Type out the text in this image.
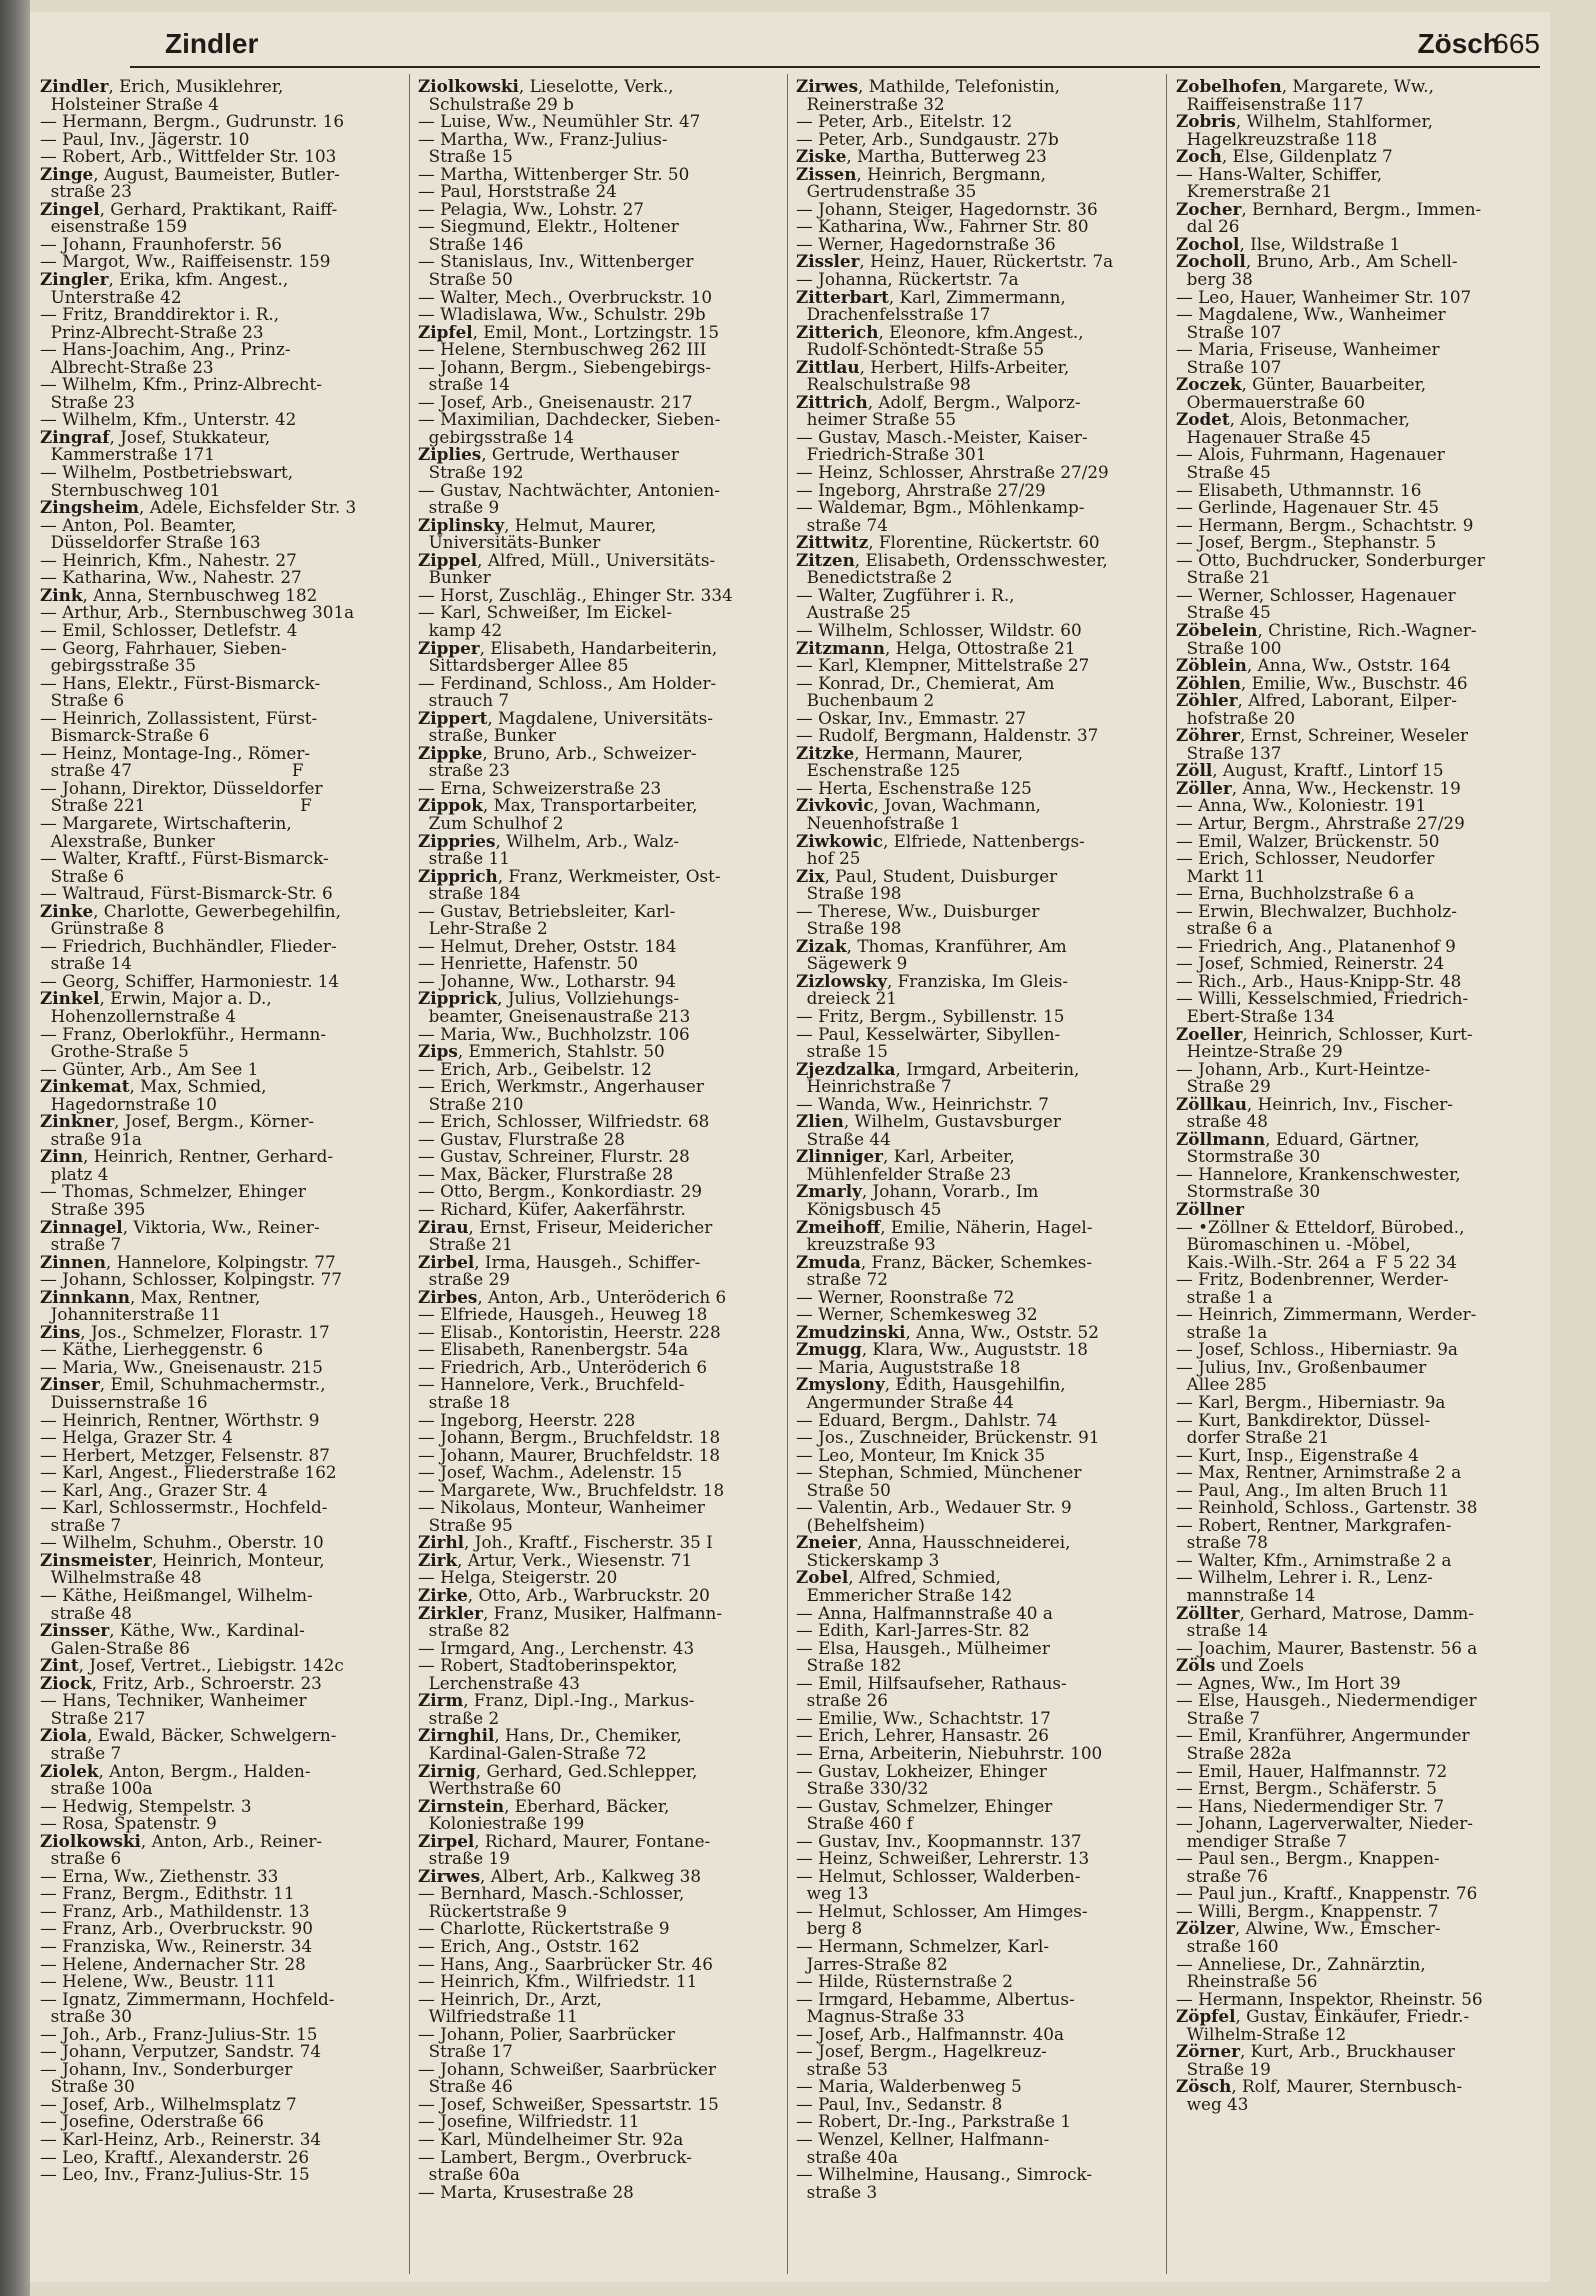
Zindler	Zösch
665
Zindler, Erich, Musiklehrer,
Holsteiner Straße 4
— Hermann, Bergm., Gudrunstr. 16
— Paul, Inv., Jägerstr. 10
— Robert, Arb., Wittfelder Str. 103
Zinge, August, Baumeister, Butler-
straße 23
Zingel, Gerhard, Praktikant, Raiff-
eisenstraße 159
— Johann, Fraunhoferstr. 56
— Margot, Ww., Raiffeisenstr. 159
Zingler, Erika, kfm. Angest.,
Unterstraße 42
— Fritz, Branddirektor i. R.,
Prinz-Albrecht-Straße 23
— Hans-Joachim, Ang., Prinz-
Albrecht-Straße 23
— Wilhelm, Kfm., Prinz-Albrecht-
Straße 23
— Wilhelm, Kfm., Unterstr. 42
Zingraf, Josef, Stukkateur,
Kammerstraße 171
— Wilhelm, Postbetriebswart,
Sternbuschweg 101
Zingsheim, Adele, Eichsfelder Str. 3
— Anton, Pol. Beamter,
Düsseldorfer Straße 163
— Heinrich, Kfm., Nahestr. 27
— Katharina, Ww., Nahestr. 27
Zink, Anna, Sternbuschweg 182
— Arthur, Arb., Sternbuschweg 301a
— Emil, Schlosser, Detlefstr. 4
— Georg, Fahrhauer, Sieben-
gebirgsstraße 35
— Hans, Elektr., Fürst-Bismarck-
Straße 6
— Heinrich, Zollassistent, Fürst-
Bismarck-Straße 6
— Heinz, Montage-Ing., Römer-
straße 47                              F
— Johann, Direktor, Düsseldorfer
Straße 221                             F
— Margarete, Wirtschafterin,
Alexstraße, Bunker
— Walter, Kraftf., Fürst-Bismarck-
Straße 6
— Waltraud, Fürst-Bismarck-Str. 6
Zinke, Charlotte, Gewerbegehilfin,
Grünstraße 8
— Friedrich, Buchhändler, Flieder-
straße 14
— Georg, Schiffer, Harmoniestr. 14
Zinkel, Erwin, Major a. D.,
Hohenzollernstraße 4
— Franz, Oberlokführ., Hermann-
Grothe-Straße 5
— Günter, Arb., Am See 1
Zinkemat, Max, Schmied,
Hagedornstraße 10
Zinkner, Josef, Bergm., Körner-
straße 91a
Zinn, Heinrich, Rentner, Gerhard-
platz 4
— Thomas, Schmelzer, Ehinger
Straße 395
Zinnagel, Viktoria, Ww., Reiner-
straße 7
Zinnen, Hannelore, Kolpingstr. 77
— Johann, Schlosser, Kolpingstr. 77
Zinnkann, Max, Rentner,
Johanniterstraße 11
Zins, Jos., Schmelzer, Florastr. 17
— Käthe, Lierheggenstr. 6
— Maria, Ww., Gneisenaustr. 215
Zinser, Emil, Schuhmachermstr.,
Duissernstraße 16
— Heinrich, Rentner, Wörthstr. 9
— Helga, Grazer Str. 4
— Herbert, Metzger, Felsenstr. 87
— Karl, Angest., Fliederstraße 162
— Karl, Ang., Grazer Str. 4
— Karl, Schlossermstr., Hochfeld-
straße 7
— Wilhelm, Schuhm., Oberstr. 10
Zinsmeister, Heinrich, Monteur,
Wilhelmstraße 48
— Käthe, Heißmangel, Wilhelm-
straße 48
Zinsser, Käthe, Ww., Kardinal-
Galen-Straße 86
Zint, Josef, Vertret., Liebigstr. 142c
Ziock, Fritz, Arb., Schroerstr. 23
— Hans, Techniker, Wanheimer
Straße 217
Ziola, Ewald, Bäcker, Schwelgern-
straße 7
Ziolek, Anton, Bergm., Halden-
straße 100a
— Hedwig, Stempelstr. 3
— Rosa, Spatenstr. 9
Ziolkowski, Anton, Arb., Reiner-
straße 6
— Erna, Ww., Ziethenstr. 33
— Franz, Bergm., Edithstr. 11
— Franz, Arb., Mathildenstr. 13
— Franz, Arb., Overbruckstr. 90
— Franziska, Ww., Reinerstr. 34
— Helene, Andernacher Str. 28
— Helene, Ww., Beustr. 111
— Ignatz, Zimmermann, Hochfeld-
straße 30
— Joh., Arb., Franz-Julius-Str. 15
— Johann, Verputzer, Sandstr. 74
— Johann, Inv., Sonderburger
Straße 30
— Josef, Arb., Wilhelmsplatz 7
— Josefine, Oderstraße 66
— Karl-Heinz, Arb., Reinerstr. 34
— Leo, Kraftf., Alexanderstr. 26
— Leo, Inv., Franz-Julius-Str. 15
Ziolkowski, Lieselotte, Verk.,
Schulstraße 29 b
— Luise, Ww., Neumühler Str. 47
— Martha, Ww., Franz-Julius-
Straße 15
— Martha, Wittenberger Str. 50
— Paul, Horststraße 24
— Pelagia, Ww., Lohstr. 27
— Siegmund, Elektr., Holtener
Straße 146
— Stanislaus, Inv., Wittenberger
Straße 50
— Walter, Mech., Overbruckstr. 10
— Wladislawa, Ww., Schulstr. 29b
Zipfel, Emil, Mont., Lortzingstr. 15
— Helene, Sternbuschweg 262 III
— Johann, Bergm., Siebengebirgs-
straße 14
— Josef, Arb., Gneisenaustr. 217
— Maximilian, Dachdecker, Sieben-
gebirgsstraße 14
Ziplies, Gertrude, Werthauser
Straße 192
— Gustav, Nachtwächter, Antonien-
straße 9
Ziplinsky, Helmut, Maurer,
Universitäts-Bunker
Zippel, Alfred, Müll., Universitäts-
Bunker
— Horst, Zuschläg., Ehinger Str. 334
— Karl, Schweißer, Im Eickel-
kamp 42
Zipper, Elisabeth, Handarbeiterin,
Sittardsberger Allee 85
— Ferdinand, Schloss., Am Holder-
strauch 7
Zippert, Magdalene, Universitäts-
straße, Bunker
Zippke, Bruno, Arb., Schweizer-
straße 23
— Erna, Schweizerstraße 23
Zippok, Max, Transportarbeiter,
Zum Schulhof 2
Zippries, Wilhelm, Arb., Walz-
straße 11
Zipprich, Franz, Werkmeister, Ost-
straße 184
— Gustav, Betriebsleiter, Karl-
Lehr-Straße 2
— Helmut, Dreher, Oststr. 184
— Henriette, Hafenstr. 50
— Johanne, Ww., Lotharstr. 94
Zipprick, Julius, Vollziehungs-
beamter, Gneisenaustraße 213
— Maria, Ww., Buchholzstr. 106
Zips, Emmerich, Stahlstr. 50
— Erich, Arb., Geibelstr. 12
— Erich, Werkmstr., Angerhauser
Straße 210
— Erich, Schlosser, Wilfriedstr. 68
— Gustav, Flurstraße 28
— Gustav, Schreiner, Flurstr. 28
— Max, Bäcker, Flurstraße 28
— Otto, Bergm., Konkordiastr. 29
— Richard, Küfer, Aakerfährstr.
Zirau, Ernst, Friseur, Meidericher
Straße 21
Zirbel, Irma, Hausgeh., Schiffer-
straße 29
Zirbes, Anton, Arb., Unteröderich 6
— Elfriede, Hausgeh., Heuweg 18
— Elisab., Kontoristin, Heerstr. 228
— Elisabeth, Ranenbergstr. 54a
— Friedrich, Arb., Unteröderich 6
— Hannelore, Verk., Bruchfeld-
straße 18
— Ingeborg, Heerstr. 228
— Johann, Bergm., Bruchfeldstr. 18
— Johann, Maurer, Bruchfeldstr. 18
— Josef, Wachm., Adelenstr. 15
— Margarete, Ww., Bruchfeldstr. 18
— Nikolaus, Monteur, Wanheimer
Straße 95
Zirhl, Joh., Kraftf., Fischerstr. 35 I
Zirk, Artur, Verk., Wiesenstr. 71
— Helga, Steigerstr. 20
Zirke, Otto, Arb., Warbruckstr. 20
Zirkler, Franz, Musiker, Halfmann-
straße 82
— Irmgard, Ang., Lerchenstr. 43
— Robert, Stadtoberinspektor,
Lerchenstraße 43
Zirm, Franz, Dipl.-Ing., Markus-
straße 2
Zirnghil, Hans, Dr., Chemiker,
Kardinal-Galen-Straße 72
Zirnig, Gerhard, Ged.Schlepper,
Werthstraße 60
Zirnstein, Eberhard, Bäcker,
Koloniestraße 199
Zirpel, Richard, Maurer, Fontane-
straße 19
Zirwes, Albert, Arb., Kalkweg 38
— Bernhard, Masch.-Schlosser,
Rückertstraße 9
— Charlotte, Rückertstraße 9
— Erich, Ang., Oststr. 162
— Hans, Ang., Saarbrücker Str. 46
— Heinrich, Kfm., Wilfriedstr. 11
— Heinrich, Dr., Arzt,
Wilfriedstraße 11
— Johann, Polier, Saarbrücker
Straße 17
— Johann, Schweißer, Saarbrücker
Straße 46
— Josef, Schweißer, Spessartstr. 15
— Josefine, Wilfriedstr. 11
— Karl, Mündelheimer Str. 92a
— Lambert, Bergm., Overbruck-
straße 60a
— Marta, Krusestraße 28
Zirwes, Mathilde, Telefonistin,
Reinerstraße 32
— Peter, Arb., Eitelstr. 12
— Peter, Arb., Sundgaustr. 27b
Ziske, Martha, Butterweg 23
Zissen, Heinrich, Bergmann,
Gertrudenstraße 35
— Johann, Steiger, Hagedornstr. 36
— Katharina, Ww., Fahrner Str. 80
— Werner, Hagedornstraße 36
Zissler, Heinz, Hauer, Rückertstr. 7a
— Johanna, Rückertstr. 7a
Zitterbart, Karl, Zimmermann,
Drachenfelsstraße 17
Zitterich, Eleonore, kfm.Angest.,
Rudolf-Schöntedt-Straße 55
Zittlau, Herbert, Hilfs-Arbeiter,
Realschulstraße 98
Zittrich, Adolf, Bergm., Walporz-
heimer Straße 55
— Gustav, Masch.-Meister, Kaiser-
Friedrich-Straße 301
— Heinz, Schlosser, Ahrstraße 27/29
— Ingeborg, Ahrstraße 27/29
— Waldemar, Bgm., Möhlenkamp-
straße 74
Zittwitz, Florentine, Rückertstr. 60
Zitzen, Elisabeth, Ordensschwester,
Benedictstraße 2
— Walter, Zugführer i. R.,
Austraße 25
— Wilhelm, Schlosser, Wildstr. 60
Zitzmann, Helga, Ottostraße 21
— Karl, Klempner, Mittelstraße 27
— Konrad, Dr., Chemierat, Am
Buchenbaum 2
— Oskar, Inv., Emmastr. 27
— Rudolf, Bergmann, Haldenstr. 37
Zitzke, Hermann, Maurer,
Eschenstraße 125
— Herta, Eschenstraße 125
Zivkovic, Jovan, Wachmann,
Neuenhofstraße 1
Ziwkowic, Elfriede, Nattenbergs-
hof 25
Zix, Paul, Student, Duisburger
Straße 198
— Therese, Ww., Duisburger
Straße 198
Zizak, Thomas, Kranführer, Am
Sägewerk 9
Zizlowsky, Franziska, Im Gleis-
dreieck 21
— Fritz, Bergm., Sybillenstr. 15
— Paul, Kesselwärter, Sibyllen-
straße 15
Zjezdzalka, Irmgard, Arbeiterin,
Heinrichstraße 7
— Wanda, Ww., Heinrichstr. 7
Zlien, Wilhelm, Gustavsburger
Straße 44
Zlinniger, Karl, Arbeiter,
Mühlenfelder Straße 23
Zmarly, Johann, Vorarb., Im
Königsbusch 45
Zmeihoff, Emilie, Näherin, Hagel-
kreuzstraße 93
Zmuda, Franz, Bäcker, Schemkes-
straße 72
— Werner, Roonstraße 72
— Werner, Schemkesweg 32
Zmudzinski, Anna, Ww., Oststr. 52
Zmugg, Klara, Ww., Auguststr. 18
— Maria, Auguststraße 18
Zmyslony, Edith, Hausgehilfin,
Angermunder Straße 44
— Eduard, Bergm., Dahlstr. 74
— Jos., Zuschneider, Brückenstr. 91
— Leo, Monteur, Im Knick 35
— Stephan, Schmied, Münchener
Straße 50
— Valentin, Arb., Wedauer Str. 9
(Behelfsheim)
Zneier, Anna, Hausschneiderei,
Stickerskamp 3
Zobel, Alfred, Schmied,
Emmericher Straße 142
— Anna, Halfmannstraße 40 a
— Edith, Karl-Jarres-Str. 82
— Elsa, Hausgeh., Mülheimer
Straße 182
— Emil, Hilfsaufseher, Rathaus-
straße 26
— Emilie, Ww., Schachtstr. 17
— Erich, Lehrer, Hansastr. 26
— Erna, Arbeiterin, Niebuhrstr. 100
— Gustav, Lokheizer, Ehinger
Straße 330/32
— Gustav, Schmelzer, Ehinger
Straße 460 f
— Gustav, Inv., Koopmannstr. 137
— Heinz, Schweißer, Lehrerstr. 13
— Helmut, Schlosser, Walderben-
weg 13
— Helmut, Schlosser, Am Himges-
berg 8
— Hermann, Schmelzer, Karl-
Jarres-Straße 82
— Hilde, Rüsternstraße 2
— Irmgard, Hebamme, Albertus-
Magnus-Straße 33
— Josef, Arb., Halfmannstr. 40a
— Josef, Bergm., Hagelkreuz-
straße 53
— Maria, Walderbenweg 5
— Paul, Inv., Sedanstr. 8
— Robert, Dr.-Ing., Parkstraße 1
— Wenzel, Kellner, Halfmann-
straße 40a
— Wilhelmine, Hausang., Simrock-
straße 3
Zobelhofen, Margarete, Ww.,
Raiffeisenstraße 117
Zobris, Wilhelm, Stahlformer,
Hagelkreuzstraße 118
Zoch, Else, Gildenplatz 7
— Hans-Walter, Schiffer,
Kremerstraße 21
Zocher, Bernhard, Bergm., Immen-
dal 26
Zochol, Ilse, Wildstraße 1
Zocholl, Bruno, Arb., Am Schell-
berg 38
— Leo, Hauer, Wanheimer Str. 107
— Magdalene, Ww., Wanheimer
Straße 107
— Maria, Friseuse, Wanheimer
Straße 107
Zoczek, Günter, Bauarbeiter,
Obermauerstraße 60
Zodet, Alois, Betonmacher,
Hagenauer Straße 45
— Alois, Fuhrmann, Hagenauer
Straße 45
— Elisabeth, Uthmannstr. 16
— Gerlinde, Hagenauer Str. 45
— Hermann, Bergm., Schachtstr. 9
— Josef, Bergm., Stephanstr. 5
— Otto, Buchdrucker, Sonderburger
Straße 21
— Werner, Schlosser, Hagenauer
Straße 45
Zöbelein, Christine, Rich.-Wagner-
Straße 100
Zöblein, Anna, Ww., Oststr. 164
Zöhlen, Emilie, Ww., Buschstr. 46
Zöhler, Alfred, Laborant, Eilper-
hofstraße 20
Zöhrer, Ernst, Schreiner, Weseler
Straße 137
Zöll, August, Kraftf., Lintorf 15
Zöller, Anna, Ww., Heckenstr. 19
— Anna, Ww., Koloniestr. 191
— Artur, Bergm., Ahrstraße 27/29
— Emil, Walzer, Brückenstr. 50
— Erich, Schlosser, Neudorfer
Markt 11
— Erna, Buchholzstraße 6 a
— Erwin, Blechwalzer, Buchholz-
straße 6 a
— Friedrich, Ang., Platanenhof 9
— Josef, Schmied, Reinerstr. 24
— Rich., Arb., Haus-Knipp-Str. 48
— Willi, Kesselschmied, Friedrich-
Ebert-Straße 134
Zoeller, Heinrich, Schlosser, Kurt-
Heintze-Straße 29
— Johann, Arb., Kurt-Heintze-
Straße 29
Zöllkau, Heinrich, Inv., Fischer-
straße 48
Zöllmann, Eduard, Gärtner,
Stormstraße 30
— Hannelore, Krankenschwester,
Stormstraße 30
Zöllner
— •Zöllner & Etteldorf, Bürobed.,
Büromaschinen u. -Möbel,
Kais.-Wilh.-Str. 264 a  F 5 22 34
— Fritz, Bodenbrenner, Werder-
straße 1 a
— Heinrich, Zimmermann, Werder-
straße 1a
— Josef, Schloss., Hiberniastr. 9a
— Julius, Inv., Großenbaumer
Allee 285
— Karl, Bergm., Hiberniastr. 9a
— Kurt, Bankdirektor, Düssel-
dorfer Straße 21
— Kurt, Insp., Eigenstraße 4
— Max, Rentner, Arnimstraße 2 a
— Paul, Ang., Im alten Bruch 11
— Reinhold, Schloss., Gartenstr. 38
— Robert, Rentner, Markgrafen-
straße 78
— Walter, Kfm., Arnimstraße 2 a
— Wilhelm, Lehrer i. R., Lenz-
mannstraße 14
Zöllter, Gerhard, Matrose, Damm-
straße 14
— Joachim, Maurer, Bastenstr. 56 a
Zöls und Zoels
— Agnes, Ww., Im Hort 39
— Else, Hausgeh., Niedermendiger
Straße 7
— Emil, Kranführer, Angermunder
Straße 282a
— Emil, Hauer, Halfmannstr. 72
— Ernst, Bergm., Schäferstr. 5
— Hans, Niedermendiger Str. 7
— Johann, Lagerverwalter, Nieder-
mendiger Straße 7
— Paul sen., Bergm., Knappen-
straße 76
— Paul jun., Kraftf., Knappenstr. 76
— Willi, Bergm., Knappenstr. 7
Zölzer, Alwine, Ww., Emscher-
straße 160
— Anneliese, Dr., Zahnärztin,
Rheinstraße 56
— Hermann, Inspektor, Rheinstr. 56
Zöpfel, Gustav, Einkäufer, Friedr.-
Wilhelm-Straße 12
Zörner, Kurt, Arb., Bruckhauser
Straße 19
Zösch, Rolf, Maurer, Sternbusch-
weg 43
